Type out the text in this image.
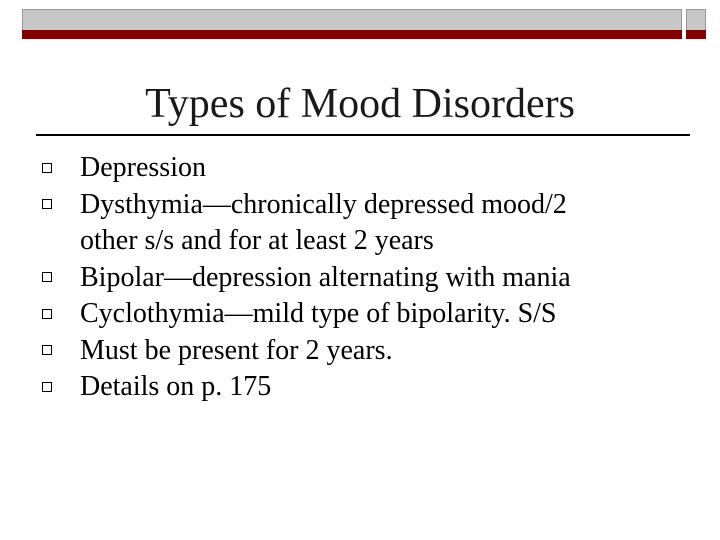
Types of Mood Disorders
Depression
Dysthymia—chronically depressed mood/2
other s/s and for at least 2 years
Bipolar—depression alternating with mania
Cyclothymia—mild type of bipolarity. S/S
Must be present for 2 years.
Details on p. 175
